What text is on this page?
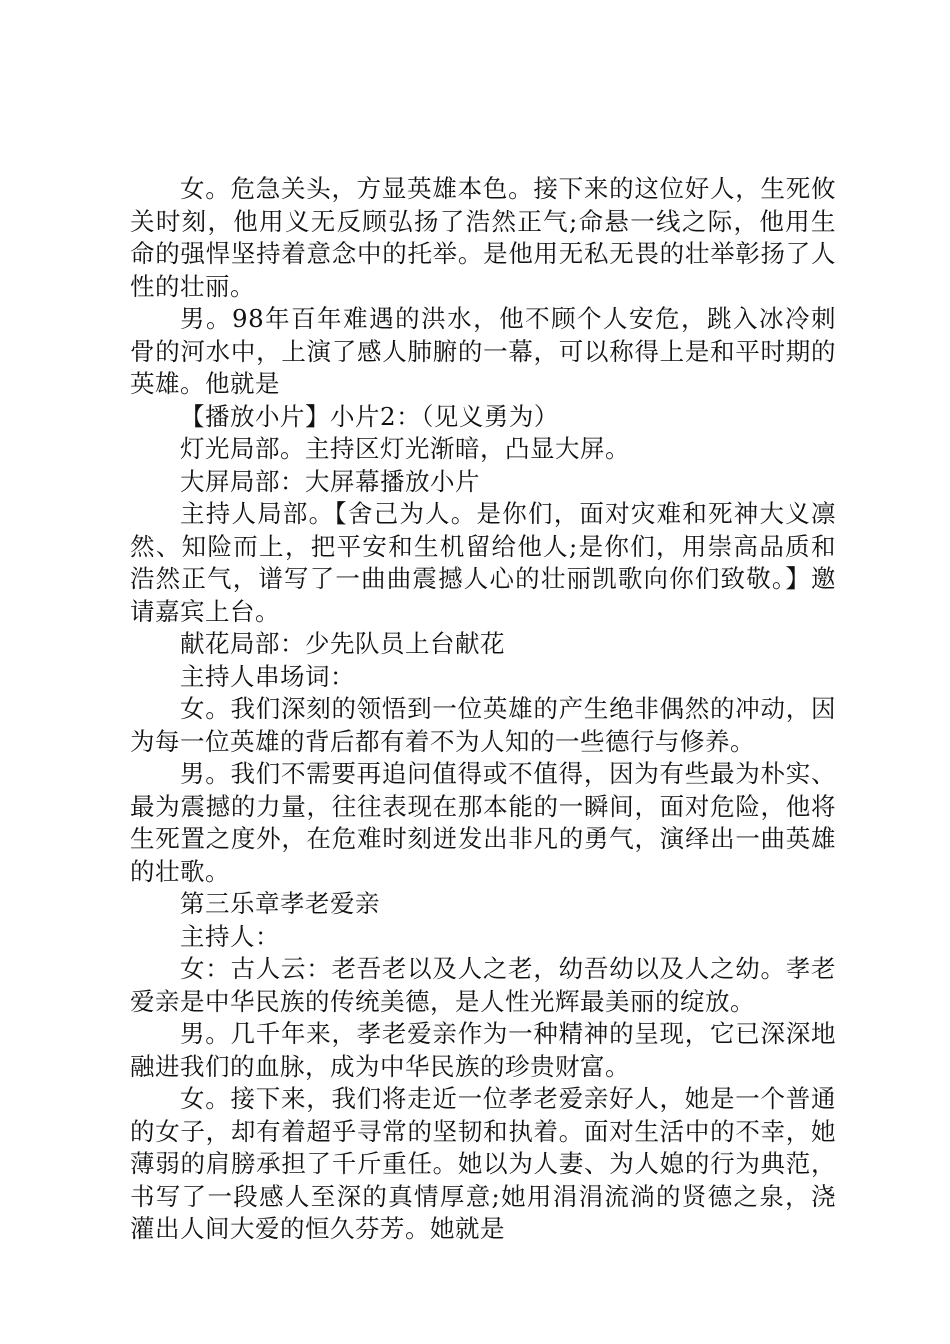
女。危急关头，方显英雄本色。接下来的这位好人，生死攸关时刻，他用义无反顾弘扬了浩然正气;命悬一线之际，他用生命的强悍坚持着意念中的托举。是他用无私无畏的壮举彰扬了人性的壮丽。

男。98年百年难遇的洪水，他不顾个人安危，跳入冰冷刺骨的河水中，上演了感人肺腑的一幕，可以称得上是和平时期的英雄。他就是

【播放小片】小片2：（见义勇为）

灯光局部。主持区灯光渐暗，凸显大屏。

大屏局部：大屏幕播放小片

主持人局部。【舍己为人。是你们，面对灾难和死神大义凛然、知险而上，把平安和生机留给他人;是你们，用崇高品质和浩然正气，谱写了一曲曲震撼人心的壮丽凯歌向你们致敬。】邀请嘉宾上台。

献花局部：少先队员上台献花

主持人串场词：

女。我们深刻的领悟到一位英雄的产生绝非偶然的冲动，因为每一位英雄的背后都有着不为人知的一些德行与修养。

男。我们不需要再追问值得或不值得，因为有些最为朴实、最为震撼的力量，往往表现在那本能的一瞬间，面对危险，他将生死置之度外，在危难时刻迸发出非凡的勇气，演绎出一曲英雄的壮歌。

第三乐章孝老爱亲

主持人：

女：古人云：老吾老以及人之老，幼吾幼以及人之幼。孝老爱亲是中华民族的传统美德，是人性光辉最美丽的绽放。

男。几千年来，孝老爱亲作为一种精神的呈现，它已深深地融进我们的血脉，成为中华民族的珍贵财富。

女。接下来，我们将走近一位孝老爱亲好人，她是一个普通的女子，却有着超乎寻常的坚韧和执着。面对生活中的不幸，她薄弱的肩膀承担了千斤重任。她以为人妻、为人媳的行为典范，书写了一段感人至深的真情厚意;她用涓涓流淌的贤德之泉，浇灌出人间大爱的恒久芬芳。她就是
